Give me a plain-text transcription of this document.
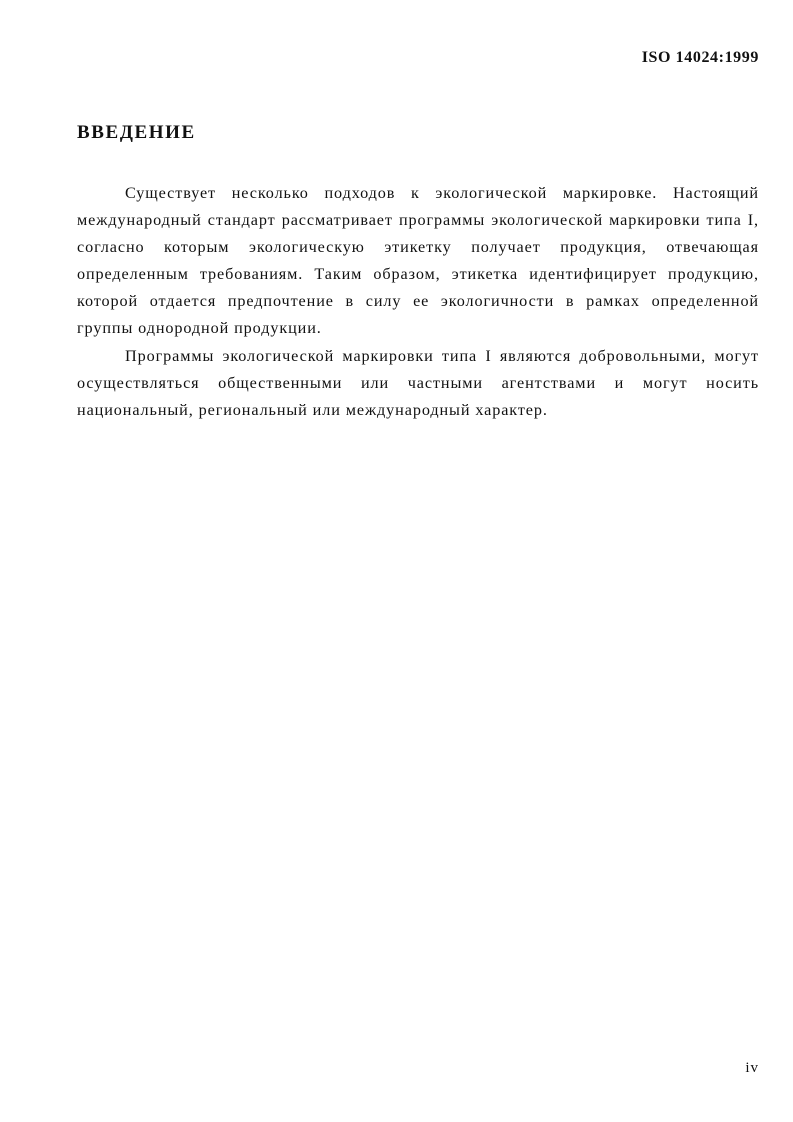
ISO 14024:1999
ВВЕДЕНИЕ

Существует несколько подходов к экологической маркировке. Настоящий международный стандарт рассматривает программы экологической маркировки типа I, согласно которым экологическую этикетку получает продукция, отвечающая определенным требованиям. Таким образом, этикетка идентифицирует продукцию, которой отдается предпочтение в силу ее экологичности в рамках определенной группы однородной продукции.

Программы экологической маркировки типа I являются добровольными, могут осуществляться общественными или частными агентствами и могут носить национальный, региональный или международный характер.

iv
